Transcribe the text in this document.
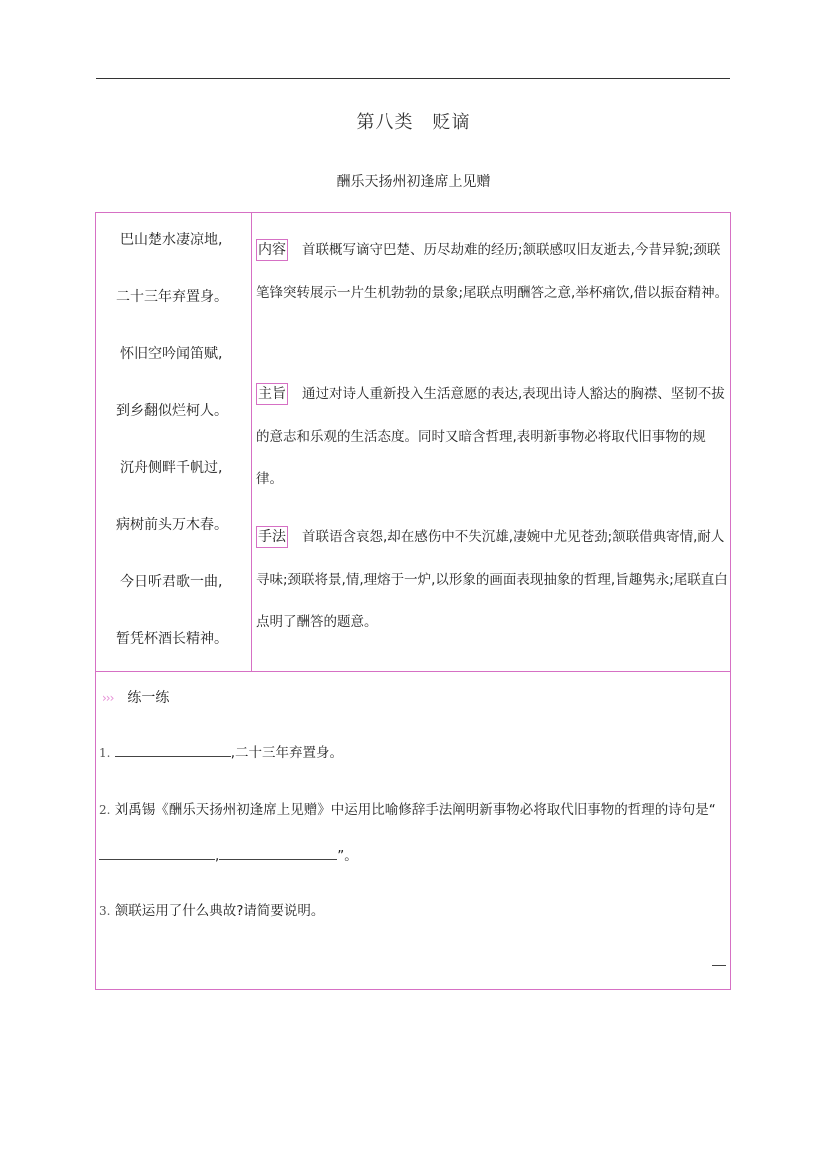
第八类　贬谪
酬乐天扬州初逢席上见赠
巴山楚水凄凉地,
二十三年弃置身。
怀旧空吟闻笛赋,
到乡翻似烂柯人。
沉舟侧畔千帆过,
病树前头万木春。
今日听君歌一曲,
暂凭杯酒长精神。
内容 首联概写谪守巴楚、历尽劫难的经历;颔联感叹旧友逝去,今昔异貌;颈联笔锋突转展示一片生机勃勃的景象;尾联点明酬答之意,举杯痛饮,借以振奋精神。
主旨 通过对诗人重新投入生活意愿的表达,表现出诗人豁达的胸襟、坚韧不拔的意志和乐观的生活态度。同时又暗含哲理,表明新事物必将取代旧事物的规律。
手法 首联语含哀怨,却在感伤中不失沉雄,凄婉中尤见苍劲;颔联借典寄情,耐人寻味;颈联将景,情,理熔于一炉,以形象的画面表现抽象的哲理,旨趣隽永;尾联直白点明了酬答的题意。
››› 练一练
1.	,二十三年弃置身。
2. 刘禹锡《酬乐天扬州初逢席上见赠》中运用比喻修辞手法阐明新事物必将取代旧事物的哲理的诗句是“,	”。
3. 颔联运用了什么典故?请简要说明。
